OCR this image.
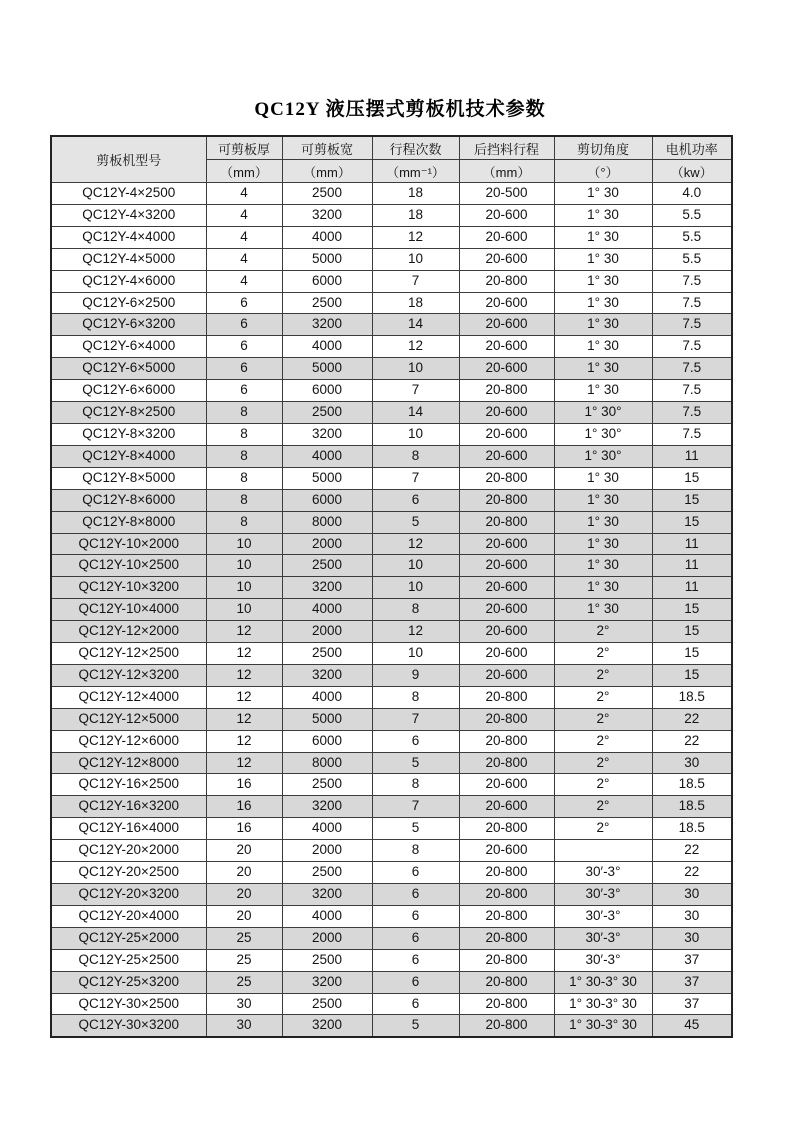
QC12Y 液压摆式剪板机技术参数
剪板机型号	可剪板厚	可剪板宽	行程次数	后挡料行程	剪切角度	电机功率
	（mm）	（mm）	（mm⁻¹）	（mm）	（°）	（kw）
QC12Y-4×2500	4	2500	18	20-500	1° 30	4.0
QC12Y-4×3200	4	3200	18	20-600	1° 30	5.5
QC12Y-4×4000	4	4000	12	20-600	1° 30	5.5
QC12Y-4×5000	4	5000	10	20-600	1° 30	5.5
QC12Y-4×6000	4	6000	7	20-800	1° 30	7.5
QC12Y-6×2500	6	2500	18	20-600	1° 30	7.5
QC12Y-6×3200	6	3200	14	20-600	1° 30	7.5
QC12Y-6×4000	6	4000	12	20-600	1° 30	7.5
QC12Y-6×5000	6	5000	10	20-600	1° 30	7.5
QC12Y-6×6000	6	6000	7	20-800	1° 30	7.5
QC12Y-8×2500	8	2500	14	20-600	1° 30°	7.5
QC12Y-8×3200	8	3200	10	20-600	1° 30°	7.5
QC12Y-8×4000	8	4000	8	20-600	1° 30°	11
QC12Y-8×5000	8	5000	7	20-800	1° 30	15
QC12Y-8×6000	8	6000	6	20-800	1° 30	15
QC12Y-8×8000	8	8000	5	20-800	1° 30	15
QC12Y-10×2000	10	2000	12	20-600	1° 30	11
QC12Y-10×2500	10	2500	10	20-600	1° 30	11
QC12Y-10×3200	10	3200	10	20-600	1° 30	11
QC12Y-10×4000	10	4000	8	20-600	1° 30	15
QC12Y-12×2000	12	2000	12	20-600	2°	15
QC12Y-12×2500	12	2500	10	20-600	2°	15
QC12Y-12×3200	12	3200	9	20-600	2°	15
QC12Y-12×4000	12	4000	8	20-800	2°	18.5
QC12Y-12×5000	12	5000	7	20-800	2°	22
QC12Y-12×6000	12	6000	6	20-800	2°	22
QC12Y-12×8000	12	8000	5	20-800	2°	30
QC12Y-16×2500	16	2500	8	20-600	2°	18.5
QC12Y-16×3200	16	3200	7	20-600	2°	18.5
QC12Y-16×4000	16	4000	5	20-800	2°	18.5
QC12Y-20×2000	20	2000	8	20-600		22
QC12Y-20×2500	20	2500	6	20-800	30′-3°	22
QC12Y-20×3200	20	3200	6	20-800	30′-3°	30
QC12Y-20×4000	20	4000	6	20-800	30′-3°	30
QC12Y-25×2000	25	2000	6	20-800	30′-3°	30
QC12Y-25×2500	25	2500	6	20-800	30′-3°	37
QC12Y-25×3200	25	3200	6	20-800	1° 30-3° 30	37
QC12Y-30×2500	30	2500	6	20-800	1° 30-3° 30	37
QC12Y-30×3200	30	3200	5	20-800	1° 30-3° 30	45
